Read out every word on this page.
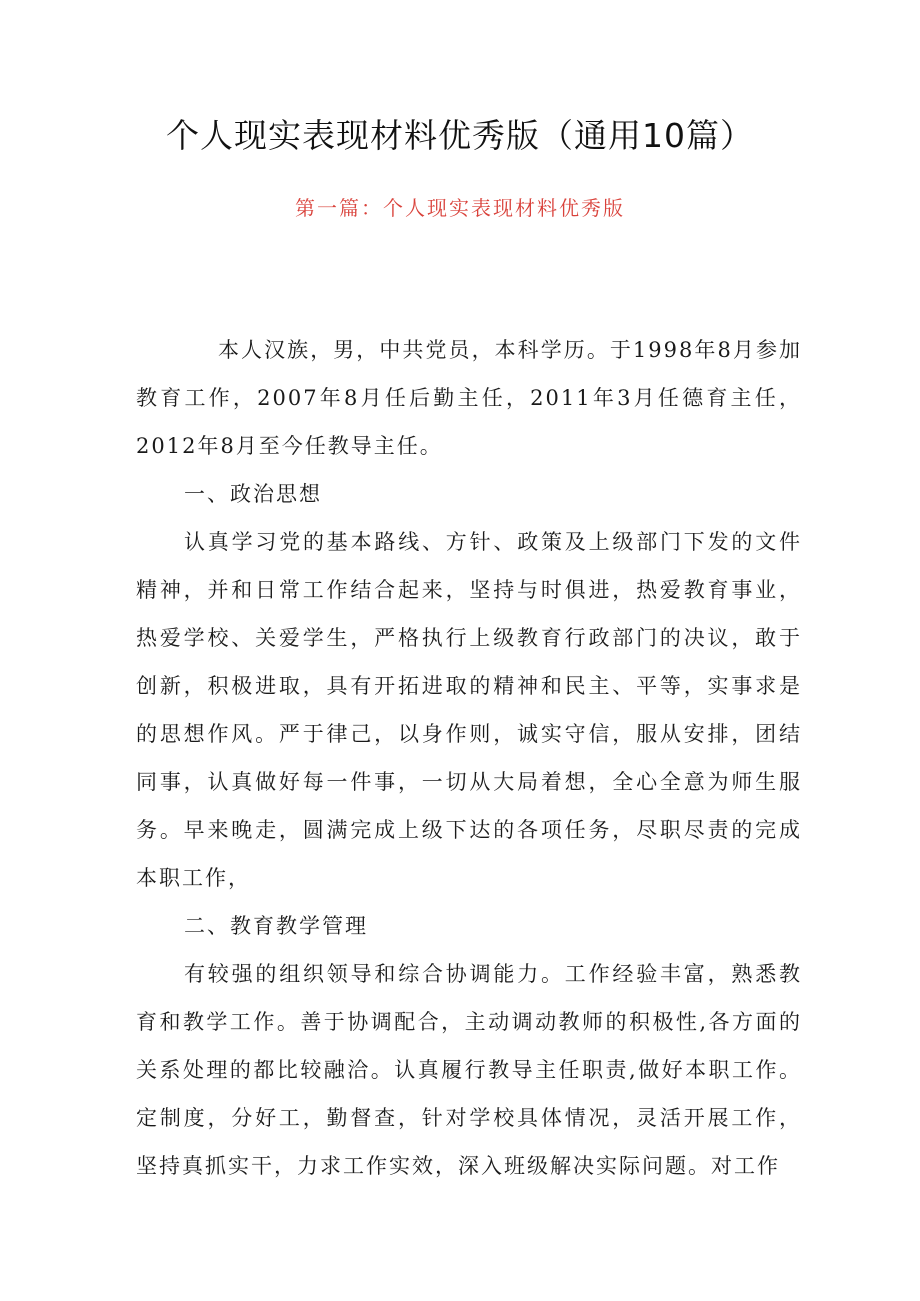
个人现实表现材料优秀版（通用10篇）
第一篇：个人现实表现材料优秀版

本人汉族，男，中共党员，本科学历。于1998年8月参加教育工作，2007年8月任后勤主任，2011年3月任德育主任，2012年8月至今任教导主任。

一、政治思想

认真学习党的基本路线、方针、政策及上级部门下发的文件精神，并和日常工作结合起来，坚持与时俱进，热爱教育事业，热爱学校、关爱学生，严格执行上级教育行政部门的决议，敢于创新，积极进取，具有开拓进取的精神和民主、平等，实事求是的思想作风。严于律己，以身作则，诚实守信，服从安排，团结同事，认真做好每一件事，一切从大局着想，全心全意为师生服务。早来晚走，圆满完成上级下达的各项任务，尽职尽责的完成本职工作，

二、教育教学管理

有较强的组织领导和综合协调能力。工作经验丰富，熟悉教育和教学工作。善于协调配合，主动调动教师的积极性,各方面的关系处理的都比较融洽。认真履行教导主任职责,做好本职工作。定制度，分好工，勤督查，针对学校具体情况，灵活开展工作，坚持真抓实干，力求工作实效，深入班级解决实际问题。对工作
